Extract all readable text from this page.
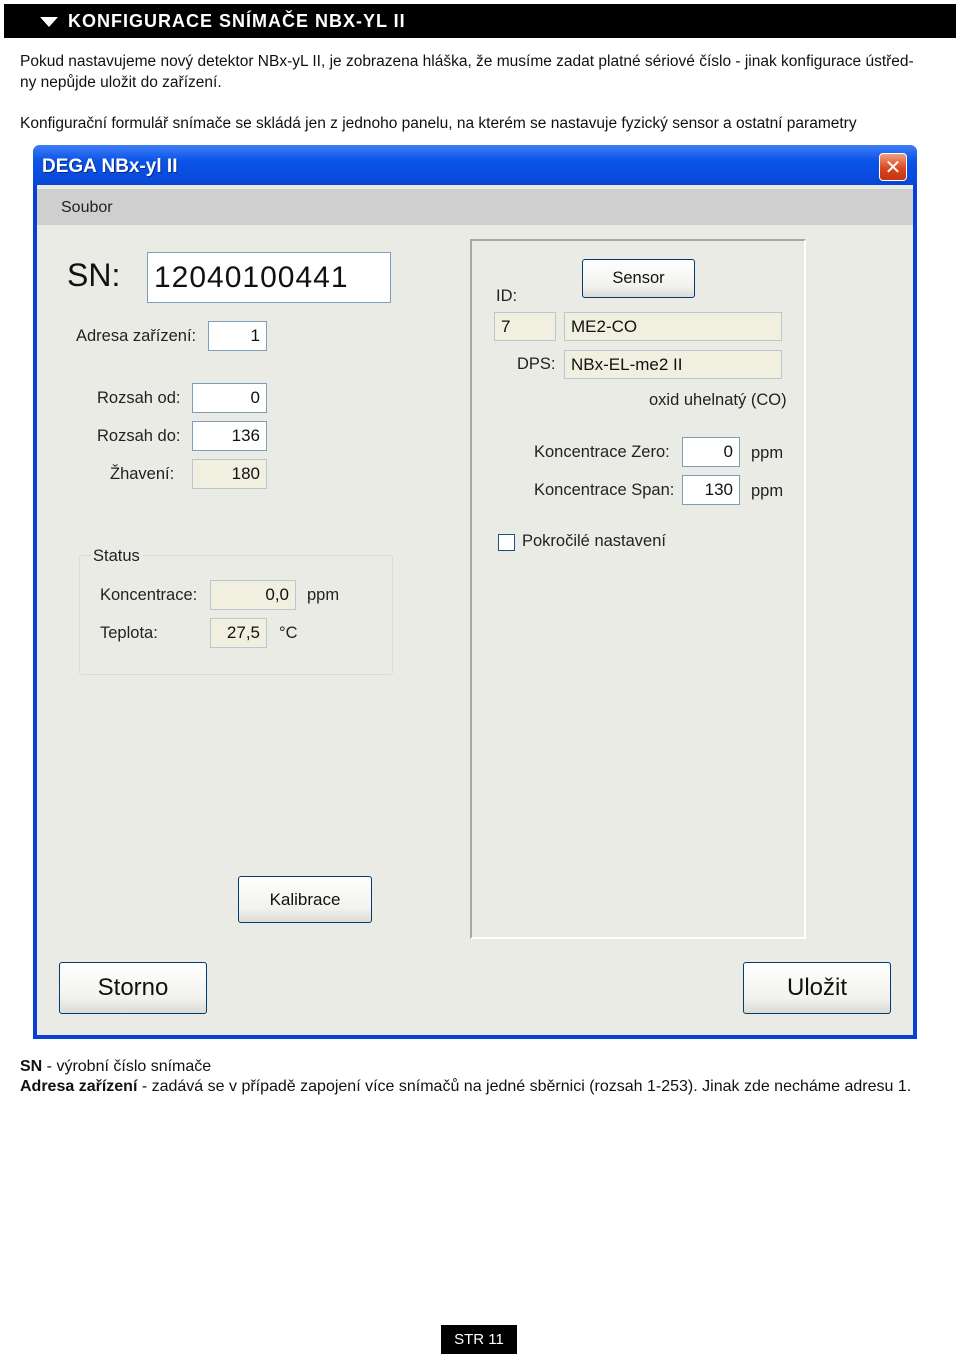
KONFIGURACE SNÍMAČE NBX-YL II
Pokud nastavujeme nový detektor NBx-yL II, je zobrazena hláška, že musíme zadat platné sériové číslo - jinak konfigurace ústřed-
ny nepůjde uložit do zařízení.
Konfigurační formulář snímače se skládá jen z jednoho panelu, na kterém se nastavuje fyzický sensor a ostatní parametry
DEGA NBx-yl II	✕
Soubor
SN: 12040100441
Adresa zařízení:	1
Rozsah od:	0
Rozsah do:	136
Žhavení:	180
Status
Koncentrace:	0,0	ppm
Teplota:	27,5	°C
Kalibrace
Sensor
ID:
7	ME2-CO
DPS: NBx-EL-me2 II
oxid uhelnatý (CO)
Koncentrace Zero:	0	ppm
Koncentrace Span:	130	ppm
Pokročilé nastavení
Storno	Uložit
SN - výrobní číslo snímače
Adresa zařízení - zadává se v případě zapojení více snímačů na jedné sběrnici (rozsah 1-253). Jinak zde necháme adresu 1.
STR 11
